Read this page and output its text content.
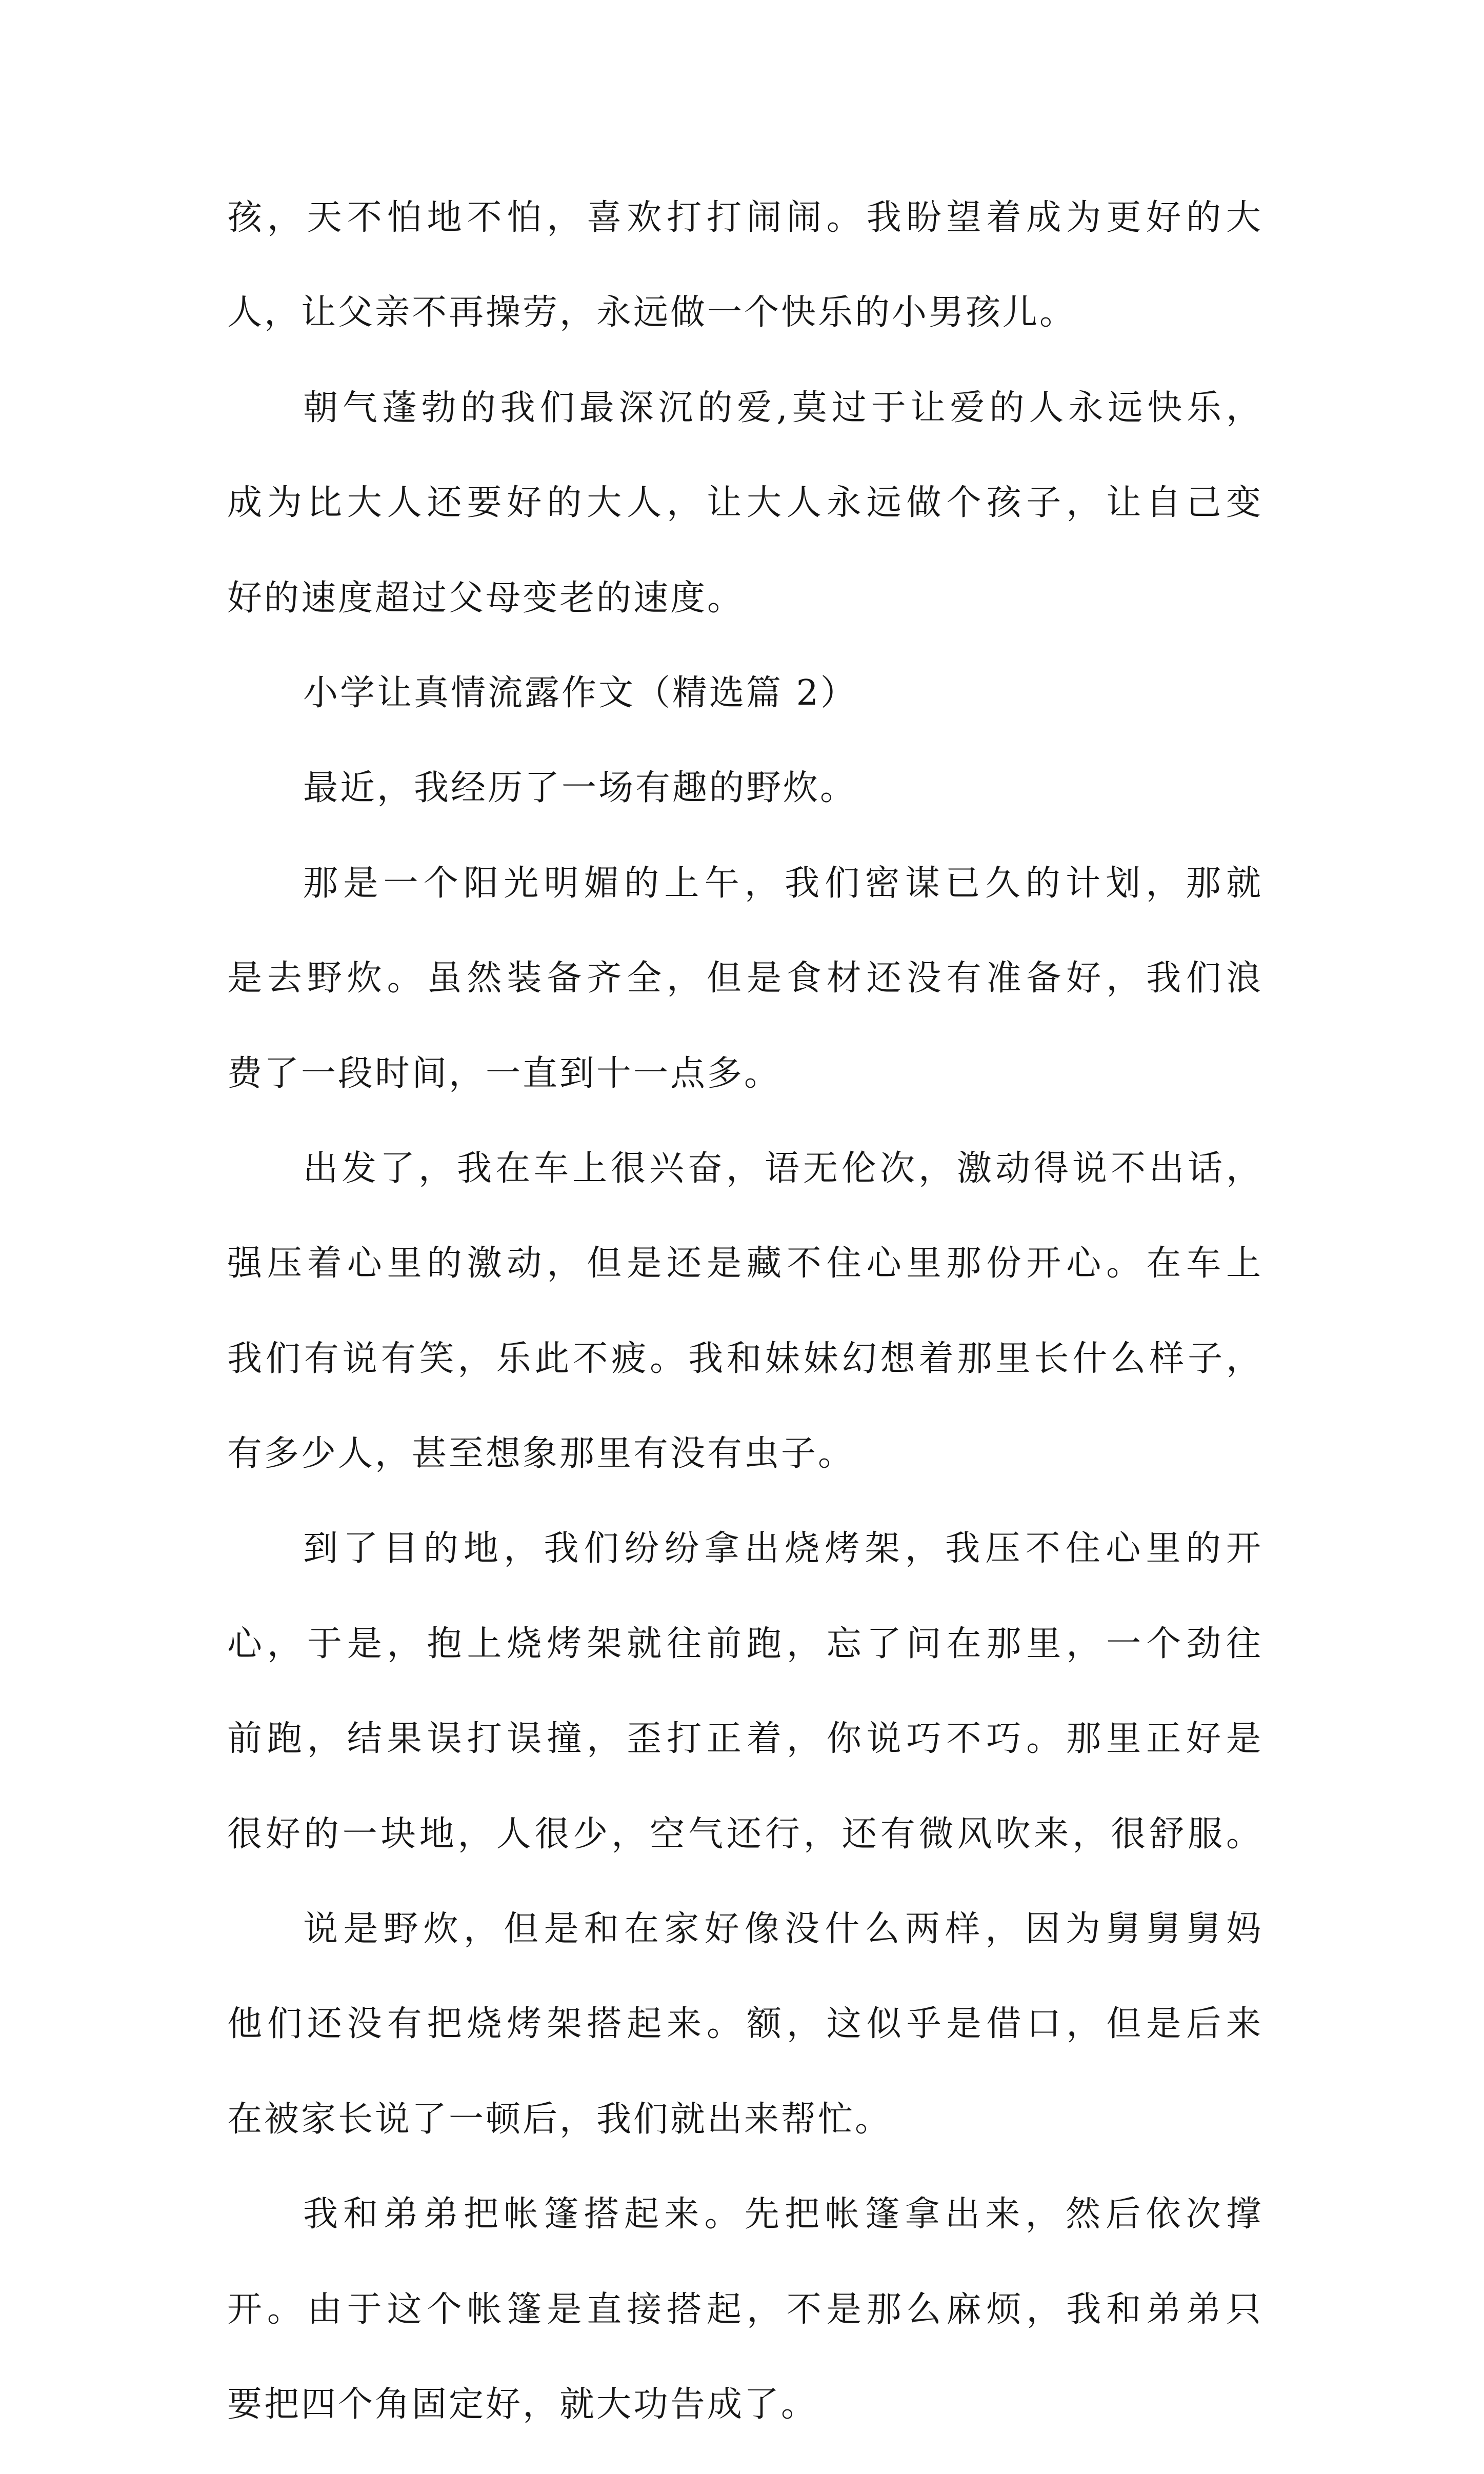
孩，天不怕地不怕，喜欢打打闹闹。我盼望着成为更好的大
人，让父亲不再操劳，永远做一个快乐的小男孩儿。
朝气蓬勃的我们最深沉的爱,莫过于让爱的人永远快乐，
成为比大人还要好的大人，让大人永远做个孩子，让自己变
好的速度超过父母变老的速度。
小学让真情流露作文（精选篇 2）
最近，我经历了一场有趣的野炊。
那是一个阳光明媚的上午，我们密谋已久的计划，那就
是去野炊。虽然装备齐全，但是食材还没有准备好，我们浪
费了一段时间，一直到十一点多。
出发了，我在车上很兴奋，语无伦次，激动得说不出话，
强压着心里的激动，但是还是藏不住心里那份开心。在车上
我们有说有笑，乐此不疲。我和妹妹幻想着那里长什么样子，
有多少人，甚至想象那里有没有虫子。
到了目的地，我们纷纷拿出烧烤架，我压不住心里的开
心，于是，抱上烧烤架就往前跑，忘了问在那里，一个劲往
前跑，结果误打误撞，歪打正着，你说巧不巧。那里正好是
很好的一块地，人很少，空气还行，还有微风吹来，很舒服。
说是野炊，但是和在家好像没什么两样，因为舅舅舅妈
他们还没有把烧烤架搭起来。额，这似乎是借口，但是后来
在被家长说了一顿后，我们就出来帮忙。
我和弟弟把帐篷搭起来。先把帐篷拿出来，然后依次撑
开。由于这个帐篷是直接搭起，不是那么麻烦，我和弟弟只
要把四个角固定好，就大功告成了。
